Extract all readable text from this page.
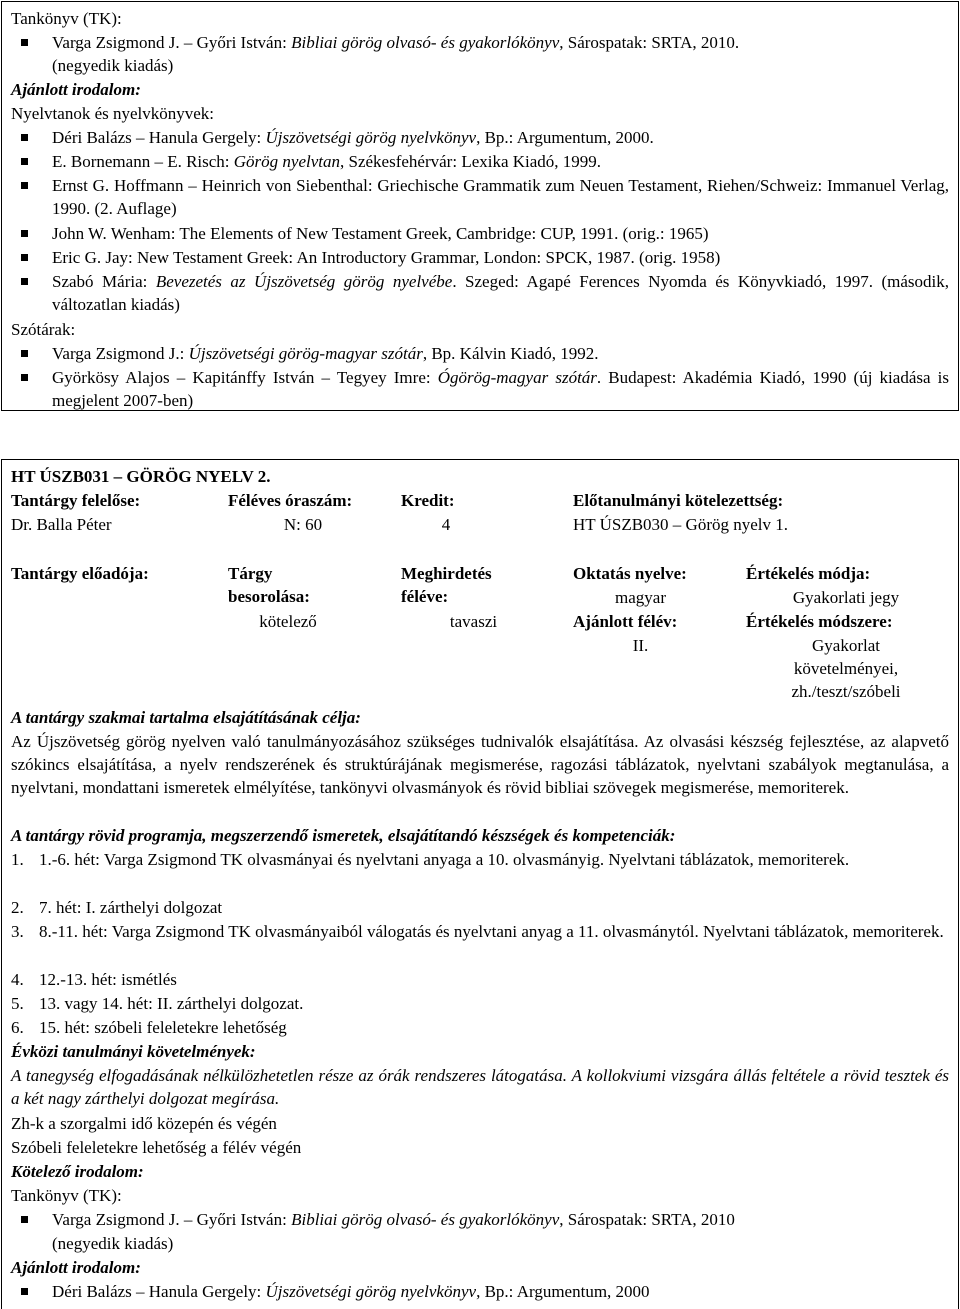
Tankönyv (TK):
Varga Zsigmond J. – Győri István: Bibliai görög olvasó- és gyakorlókönyv, Sárospatak: SRTA, 2010.
(negyedik kiadás)
Ajánlott irodalom:
Nyelvtanok és nyelvkönyvek:
Déri Balázs – Hanula Gergely: Újszövetségi görög nyelvkönyv, Bp.: Argumentum, 2000.
E. Bornemann – E. Risch: Görög nyelvtan, Székesfehérvár: Lexika Kiadó, 1999.
Ernst G. Hoffmann – Heinrich von Siebenthal: Griechische Grammatik zum Neuen Testament, Riehen/Schweiz: Immanuel Verlag, 1990. (2. Auflage)
John W. Wenham: The Elements of New Testament Greek, Cambridge: CUP, 1991. (orig.: 1965)
Eric G. Jay: New Testament Greek: An Introductory Grammar, London: SPCK, 1987. (orig. 1958)
Szabó Mária: Bevezetés az Újszövetség görög nyelvébe. Szeged: Agapé Ferences Nyomda és Könyvkiadó, 1997. (második, változatlan kiadás)
Szótárak:
Varga Zsigmond J.: Újszövetségi görög-magyar szótár, Bp. Kálvin Kiadó, 1992.
Györkösy Alajos – Kapitánffy István – Tegyey Imre: Ógörög-magyar szótár. Budapest: Akadémia Kiadó, 1990 (új kiadása is megjelent 2007-ben)
HT ÚSZB031 – GÖRÖG NYELV 2.
Tantárgy felelőse:
Dr. Balla Péter
Féléves óraszám:
N: 60
Kredit:
4
Előtanulmányi kötelezettség:
HT ÚSZB030 – Görög nyelv 1.
Tantárgy előadója:	Tárgy
besorolása:
kötelező
Meghirdetés
féléve:
tavaszi
Oktatás nyelve:
magyar
Ajánlott félév:
II.
Értékelés módja:
Gyakorlati jegy
Értékelés módszere:
Gyakorlat
követelményei,
zh./teszt/szóbeli
A tantárgy szakmai tartalma elsajátításának célja:
Az Újszövetség görög nyelven való tanulmányozásához szükséges tudnivalók elsajátítása. Az olvasási készség fejlesztése, az alapvető szókincs elsajátítása, a nyelv rendszerének és struktúrájának megismerése, ragozási táblázatok, nyelvtani szabályok megtanulása, a nyelvtani, mondattani ismeretek elmélyítése, tankönyvi olvasmányok és rövid bibliai szövegek megismerése, memoriterek.
A tantárgy rövid programja, megszerzendő ismeretek, elsajátítandó készségek és kompetenciák:
1. 1.-6. hét: Varga Zsigmond TK olvasmányai és nyelvtani anyaga a 10. olvasmányig. Nyelvtani táblázatok, memoriterek.
2. 7. hét: I. zárthelyi dolgozat
3. 8.-11. hét: Varga Zsigmond TK olvasmányaiból válogatás és nyelvtani anyag a 11. olvasmánytól. Nyelvtani táblázatok, memoriterek.
4. 12.-13. hét: ismétlés
5. 13. vagy 14. hét: II. zárthelyi dolgozat.
6. 15. hét: szóbeli feleletekre lehetőség
Évközi tanulmányi követelmények:
A tanegység elfogadásának nélkülözhetetlen része az órák rendszeres látogatása. A kollokviumi vizsgára állás feltétele a rövid tesztek és a két nagy zárthelyi dolgozat megírása.
Zh-k a szorgalmi idő közepén és végén
Szóbeli feleletekre lehetőség a félév végén
Kötelező irodalom:
Tankönyv (TK):
Varga Zsigmond J. – Győri István: Bibliai görög olvasó- és gyakorlókönyv, Sárospatak: SRTA, 2010
(negyedik kiadás)
Ajánlott irodalom:
Déri Balázs – Hanula Gergely: Újszövetségi görög nyelvkönyv, Bp.: Argumentum, 2000
